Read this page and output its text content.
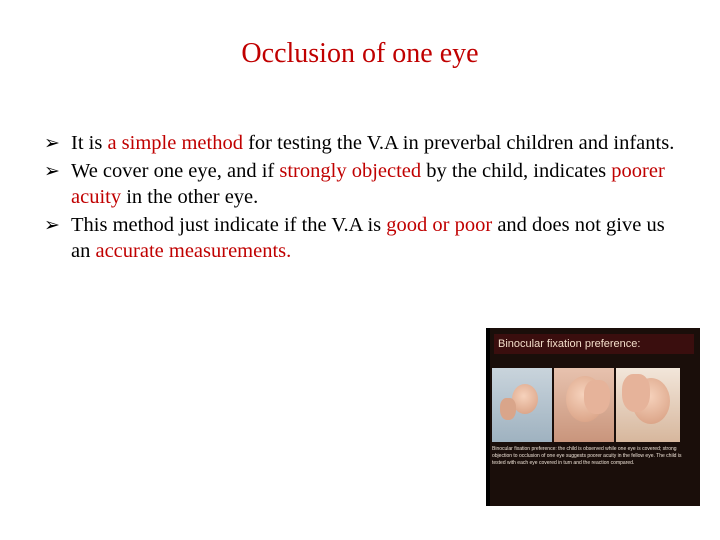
Occlusion of one eye
➢ It is a simple method for testing the V.A in preverbal children and infants.
➢ We cover one eye, and if strongly objected by the child, indicates poorer acuity in the other eye.
➢ This method just indicate if the V.A is good or poor and does not give us an accurate measurements.
Binocular fixation preference:
Binocular fixation preference: the child is observed while one eye is covered; strong objection to occlusion of one eye suggests poorer acuity in the fellow eye. The child is tested with each eye covered in turn and the reaction compared.
